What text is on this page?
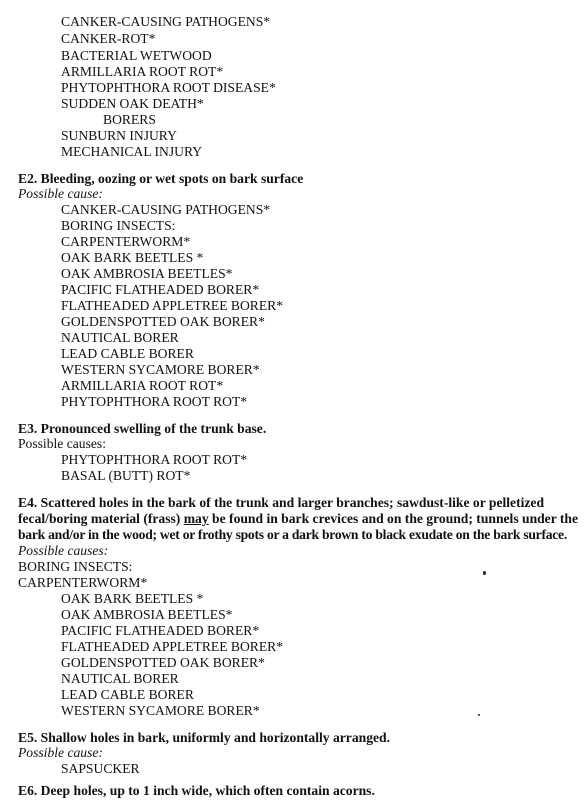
CANKER-CAUSING PATHOGENS*
CANKER-ROT*
BACTERIAL WETWOOD
ARMILLARIA ROOT ROT*
PHYTOPHTHORA ROOT DISEASE*
SUDDEN OAK DEATH*
BORERS
SUNBURN INJURY
MECHANICAL INJURY
E2. Bleeding, oozing or wet spots on bark surface
Possible cause:
CANKER-CAUSING PATHOGENS*
BORING INSECTS:
CARPENTERWORM*
OAK BARK BEETLES *
OAK AMBROSIA BEETLES*
PACIFIC FLATHEADED BORER*
FLATHEADED APPLETREE BORER*
GOLDENSPOTTED OAK BORER*
NAUTICAL BORER
LEAD CABLE BORER
WESTERN SYCAMORE BORER*
ARMILLARIA ROOT ROT*
PHYTOPHTHORA ROOT ROT*
E3. Pronounced swelling of the trunk base.
Possible causes:
PHYTOPHTHORA ROOT ROT*
BASAL (BUTT) ROT*
E4. Scattered holes in the bark of the trunk and larger branches; sawdust-like or pelletized
fecal/boring material (frass) may be found in bark crevices and on the ground; tunnels under the
bark and/or in the wood; wet or frothy spots or a dark brown to black exudate on the bark surface.
Possible causes:
BORING INSECTS:
CARPENTERWORM*
OAK BARK BEETLES *
OAK AMBROSIA BEETLES*
PACIFIC FLATHEADED BORER*
FLATHEADED APPLETREE BORER*
GOLDENSPOTTED OAK BORER*
NAUTICAL BORER
LEAD CABLE BORER
WESTERN SYCAMORE BORER*
E5. Shallow holes in bark, uniformly and horizontally arranged.
Possible cause:
SAPSUCKER
E6. Deep holes, up to 1 inch wide, which often contain acorns.
